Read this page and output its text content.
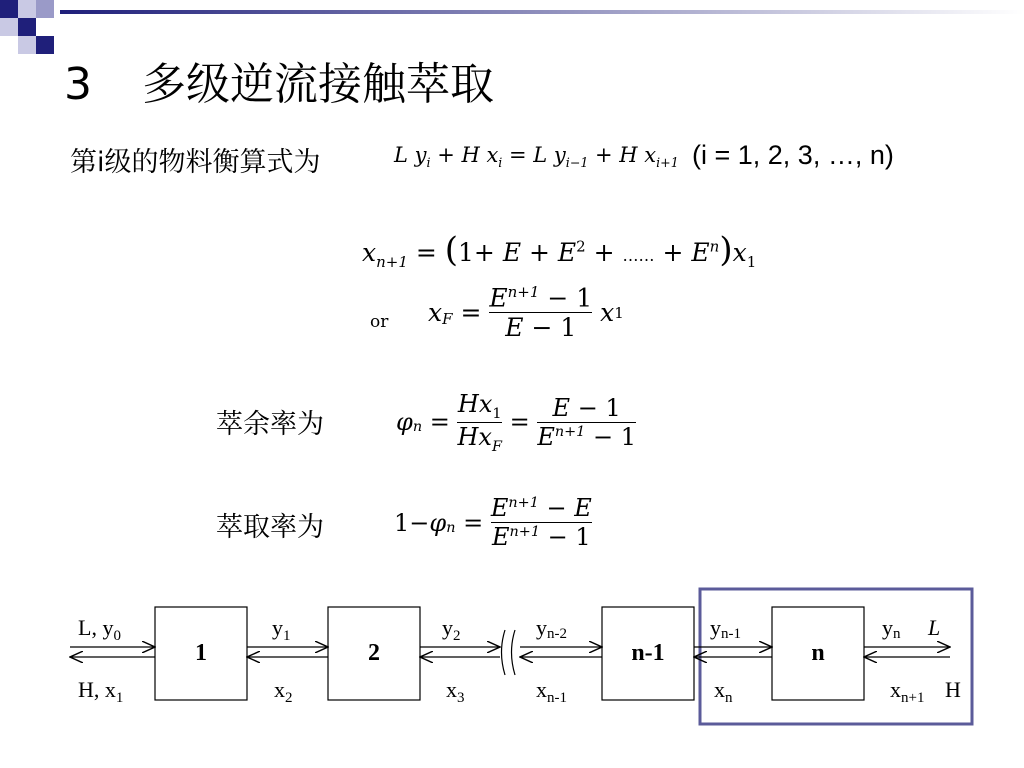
3 多级逆流接触萃取
第i级的物料衡算式为	L $y_i + H$ $x_i = L$ $y_{i-1} + H$ $x_{i+1}$ (i = 1, 2, 3, …, n)
$x_{n+1} = (1+ E + E^2$ + …… + $E^n)x_1$
or $x_F = \frac{E^{n+1} - 1}{E - 1}$
x 1
萃余率为	$\varphi_n = \frac{Hx_1}{Hx_F} = \frac{E - 1}{E^{n+1} - 1}$
萃取率为	$1- \varphi_n = \frac{E^{n+1} - E}{E^{n+1} - 1}$
1	2	n-1	n
L, $y_0$
H, $x_1$
$y_1$
$x_2$
$y_2$
$x_3$
yn-2
$x_{n-1}$
yn-1
$x_n$
yn L
$x_{n+1}$ H
